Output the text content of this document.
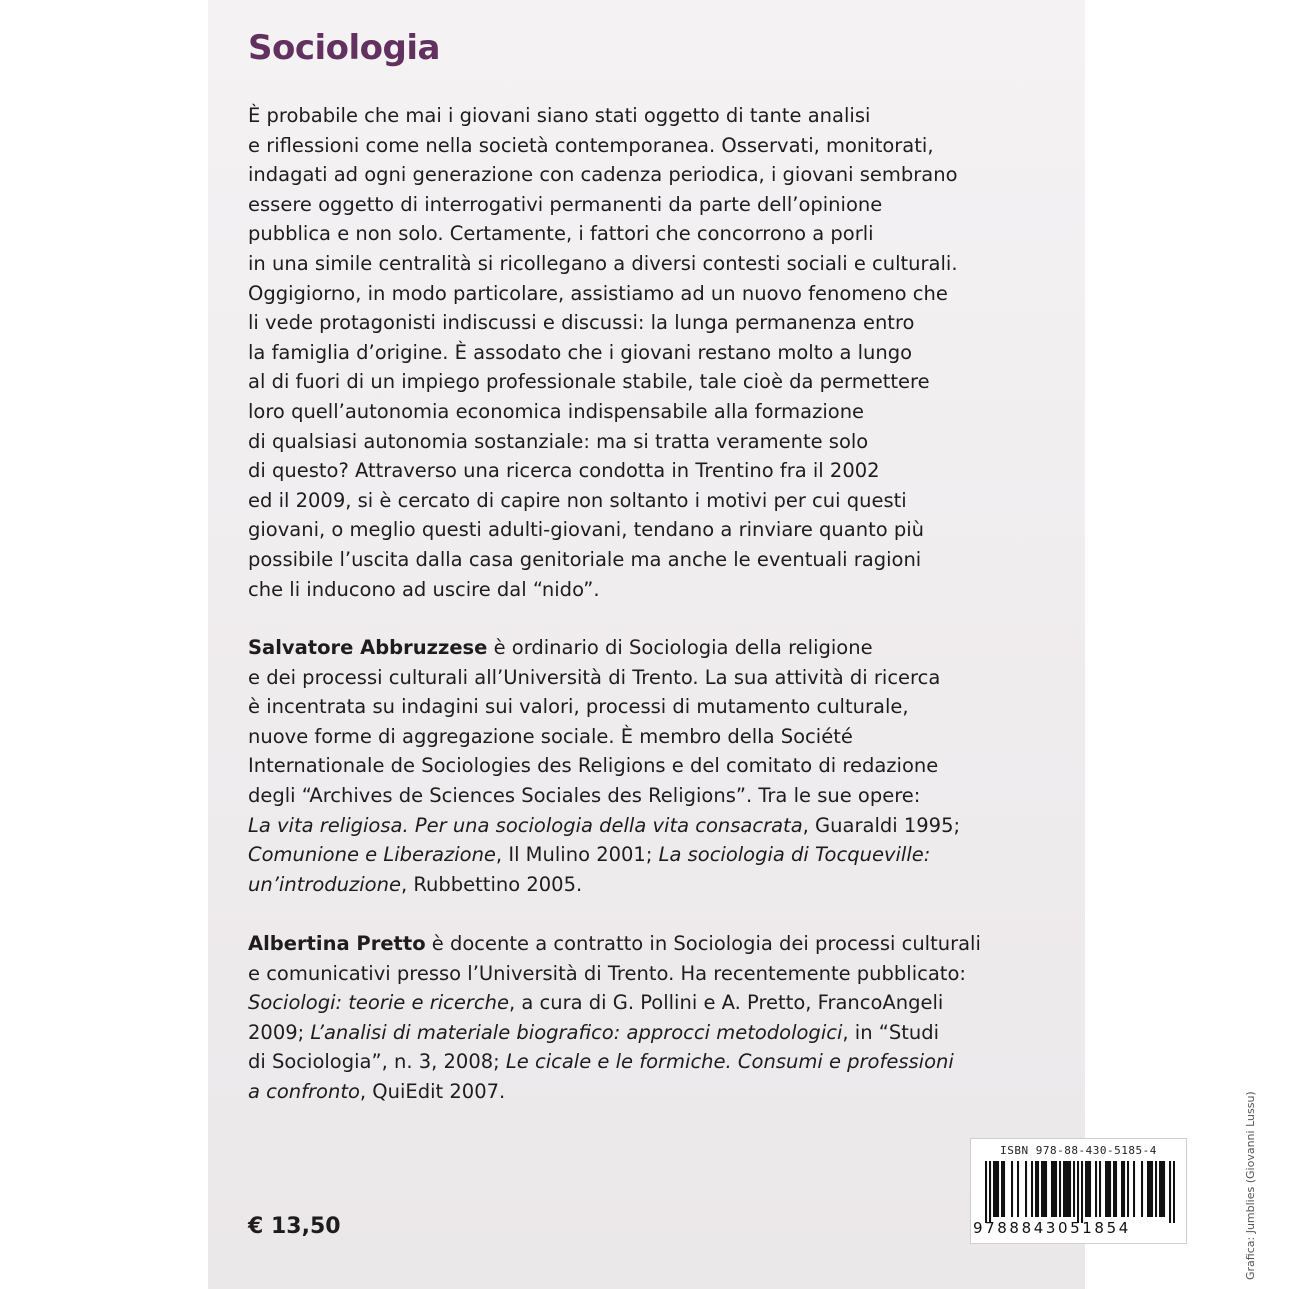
Sociologia
È probabile che mai i giovani siano stati oggetto di tante analisi
e riflessioni come nella società contemporanea. Osservati, monitorati,
indagati ad ogni generazione con cadenza periodica, i giovani sembrano
essere oggetto di interrogativi permanenti da parte dell’opinione
pubblica e non solo. Certamente, i fattori che concorrono a porli
in una simile centralità si ricollegano a diversi contesti sociali e culturali.
Oggigiorno, in modo particolare, assistiamo ad un nuovo fenomeno che
li vede protagonisti indiscussi e discussi: la lunga permanenza entro
la famiglia d’origine. È assodato che i giovani restano molto a lungo
al di fuori di un impiego professionale stabile, tale cioè da permettere
loro quell’autonomia economica indispensabile alla formazione
di qualsiasi autonomia sostanziale: ma si tratta veramente solo
di questo? Attraverso una ricerca condotta in Trentino fra il 2002
ed il 2009, si è cercato di capire non soltanto i motivi per cui questi
giovani, o meglio questi adulti-giovani, tendano a rinviare quanto più
possibile l’uscita dalla casa genitoriale ma anche le eventuali ragioni
che li inducono ad uscire dal “nido”.
Salvatore Abbruzzese è ordinario di Sociologia della religione
e dei processi culturali all’Università di Trento. La sua attività di ricerca
è incentrata su indagini sui valori, processi di mutamento culturale,
nuove forme di aggregazione sociale. È membro della Société
Internationale de Sociologies des Religions e del comitato di redazione
degli “Archives de Sciences Sociales des Religions”. Tra le sue opere:
La vita religiosa. Per una sociologia della vita consacrata, Guaraldi 1995;
Comunione e Liberazione, Il Mulino 2001; La sociologia di Tocqueville:
un’introduzione, Rubbettino 2005.
Albertina Pretto è docente a contratto in Sociologia dei processi culturali
e comunicativi presso l’Università di Trento. Ha recentemente pubblicato:
Sociologi: teorie e ricerche, a cura di G. Pollini e A. Pretto, FrancoAngeli
2009; L’analisi di materiale biografico: approcci metodologici, in “Studi
di Sociologia”, n. 3, 2008; Le cicale e le formiche. Consumi e professioni
a confronto, QuiEdit 2007.
€ 13,50	Grafica: Jumblies (Giovanni Lussu)
ISBN 978-88-430-5185-4
9788843051854
